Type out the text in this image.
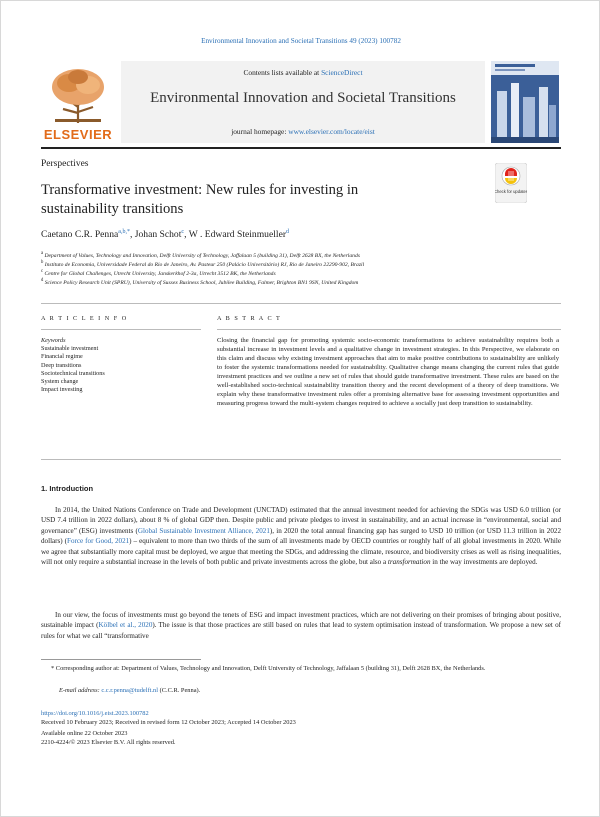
Environmental Innovation and Societal Transitions 49 (2023) 100782
ELSEVIER
Contents lists available at ScienceDirect
Environmental Innovation and Societal Transitions
journal homepage: www.elsevier.com/locate/eist
Perspectives
Transformative investment: New rules for investing in
sustainability transitions
Check for updates
Caetano C.R. Penna$^{a,b,*}$, Johan Schot$^c$, W . Edward Steinmueller$^d$
$^a$ Department of Values, Technology and Innovation, Delft University of Technology, Jaffalaan 5 (building 31), Delft 2628 BX, the Netherlands
$^b$ Instituto de Economia, Universidade Federal do Rio de Janeiro, Av. Pasteur 250 (Palácio Universitário) RJ, Rio de Janeiro 22290-902, Brazil
$^c$ Centre for Global Challenges, Utrecht University, Janskerkhof 2-3a, Utrecht 3512 BK, the Netherlands
$^d$ Science Policy Research Unit (SPRU), University of Sussex Business School, Jubilee Building, Falmer, Brighton BN1 9SN, United Kingdom
A R T I C L E I N F O	A B S T R A C T
Keywords
Sustainable investment
Financial regime
Deep transitions
Sociotechnical transitions
System change
Impact investing
Closing the financial gap for promoting systemic socio-economic transformations to achieve sustainability requires both a substantial increase in investment levels and a qualitative change in investment strategies. In this Perspective, we elaborate on this claim and discuss why existing investment approaches that aim to make positive contributions to sustainability are unlikely to foster the systemic transformations needed for sustainability. Qualitative change means changing the current rules that guide investment practices and we outline a new set of rules that should guide transformative investment. These rules are based on the well-established socio-technical sustainability transition theory and the recent development of a theory of deep transitions. We explain why these transformative investment rules offer a promising alternative base for assessing investment opportunities and measuring progress toward the multi-system changes required to achieve a socially just deep transition to sustainability.
1. Introduction
In 2014, the United Nations Conference on Trade and Development (UNCTAD) estimated that the annual investment needed for achieving the SDGs was USD 6.0 trillion (or USD 7.4 trillion in 2022 dollars), about 8 % of global GDP then. Despite public and private pledges to invest in sustainability, and an actual increase in “environmental, social and governance” (ESG) investments (Global Sustainable Investment Alliance, 2021), in 2020 the total annual financing gap has surged to USD 10 trillion (or USD 11.3 trillion in 2022 dollars) (Force for Good, 2021) – equivalent to more than two thirds of the sum of all investments made by OECD countries or roughly half of all global investments in 2020. While we agree that substantially more capital must be deployed, we argue that meeting the SDGs, and addressing the climate, resource, and biodiversity crises as well as rising inequalities, will not only require a substantial increase in the levels of both public and private investments across the globe, but also a transformation in the way investments are deployed.
In our view, the focus of investments must go beyond the tenets of ESG and impact investment practices, which are not delivering on their promises of bringing about positive, sustainable impact (Kölbel et al., 2020). The issue is that those practices are still based on rules that lead to system optimisation instead of transformation. We propose a new set of rules for what we call “transformative
* Corresponding author at: Department of Values, Technology and Innovation, Delft University of Technology, Jaffalaan 5 (building 31), Delft 2628 BX, the Netherlands.
E-mail address: c.c.r.penna@tudelft.nl (C.C.R. Penna).
https://doi.org/10.1016/j.eist.2023.100782
Received 10 February 2023; Received in revised form 12 October 2023; Accepted 14 October 2023
Available online 22 October 2023
2210-4224/© 2023 Elsevier B.V. All rights reserved.
